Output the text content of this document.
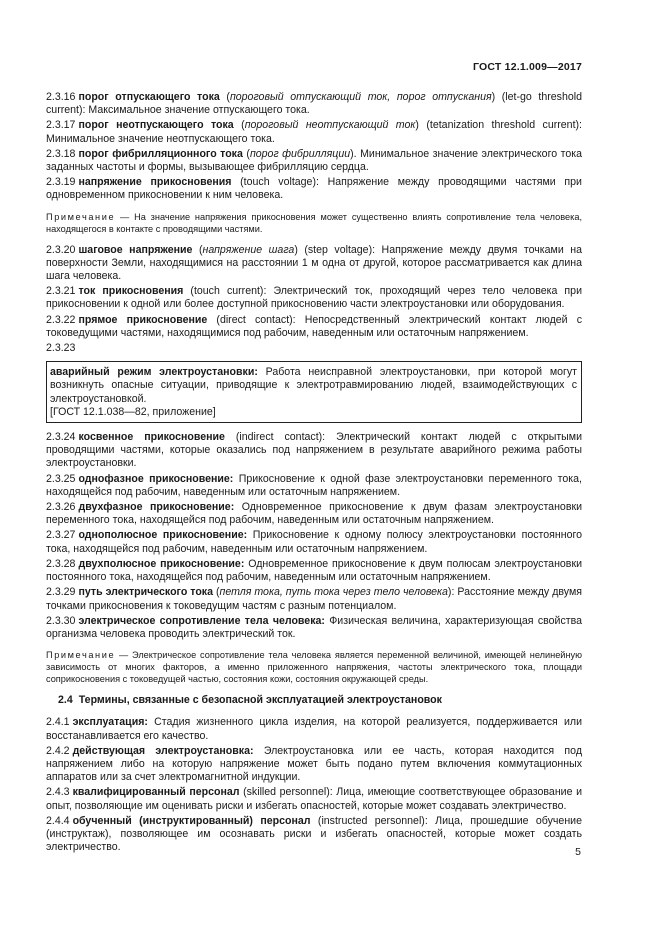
ГОСТ 12.1.009—2017

2.3.16 порог отпускающего тока (пороговый отпускающий ток, порог отпускания) (let-go threshold current): Максимальное значение отпускающего тока.

2.3.17 порог неотпускающего тока (пороговый неотпускающий ток) (tetanization threshold current): Минимальное значение неотпускающего тока.

2.3.18 порог фибрилляционного тока (порог фибрилляции). Минимальное значение электрического тока заданных частоты и формы, вызывающее фибрилляцию сердца.

2.3.19 напряжение прикосновения (touch voltage): Напряжение между проводящими частями при одновременном прикосновении к ним человека.

Примечание — На значение напряжения прикосновения может существенно влиять сопротивление тела человека, находящегося в контакте с проводящими частями.

2.3.20 шаговое напряжение (напряжение шага) (step voltage): Напряжение между двумя точками на поверхности Земли, находящимися на расстоянии 1 м одна от другой, которое рассматривается как длина шага человека.

2.3.21 ток прикосновения (touch current): Электрический ток, проходящий через тело человека при прикосновении к одной или более доступной прикосновению части электроустановки или оборудования.

2.3.22 прямое прикосновение (direct contact): Непосредственный электрический контакт людей с токоведущими частями, находящимися под рабочим, наведенным или остаточным напряжением.

2.3.23

аварийный режим электроустановки: Работа неисправной электроустановки, при которой могут возникнуть опасные ситуации, приводящие к электротравмированию людей, взаимодействующих с электроустановкой.

[ГОСТ 12.1.038—82, приложение]

2.3.24 косвенное прикосновение (indirect contact): Электрический контакт людей с открытыми проводящими частями, которые оказались под напряжением в результате аварийного режима работы электроустановки.

2.3.25 однофазное прикосновение: Прикосновение к одной фазе электроустановки переменного тока, находящейся под рабочим, наведенным или остаточным напряжением.

2.3.26 двухфазное прикосновение: Одновременное прикосновение к двум фазам электроустановки переменного тока, находящейся под рабочим, наведенным или остаточным напряжением.

2.3.27 однополюсное прикосновение: Прикосновение к одному полюсу электроустановки постоянного тока, находящейся под рабочим, наведенным или остаточным напряжением.

2.3.28 двухполюсное прикосновение: Одновременное прикосновение к двум полюсам электроустановки постоянного тока, находящейся под рабочим, наведенным или остаточным напряжением.

2.3.29 путь электрического тока (петля тока, путь тока через тело человека): Расстояние между двумя точками прикосновения к токоведущим частям с разным потенциалом.

2.3.30 электрическое сопротивление тела человека: Физическая величина, характеризующая свойства организма человека проводить электрический ток.

Примечание — Электрическое сопротивление тела человека является переменной величиной, имеющей нелинейную зависимость от многих факторов, а именно приложенного напряжения, частоты электрического тока, площади соприкосновения с токоведущей частью, состояния кожи, состояния окружающей среды.

2.4 Термины, связанные с безопасной эксплуатацией электроустановок

2.4.1 эксплуатация: Стадия жизненного цикла изделия, на которой реализуется, поддерживается или восстанавливается его качество.

2.4.2 действующая электроустановка: Электроустановка или ее часть, которая находится под напряжением либо на которую напряжение может быть подано путем включения коммутационных аппаратов или за счет электромагнитной индукции.

2.4.3 квалифицированный персонал (skilled personnel): Лица, имеющие соответствующее образование и опыт, позволяющие им оценивать риски и избегать опасностей, которые может создавать электричество.

2.4.4 обученный (инструктированный) персонал (instructed personnel): Лица, прошедшие обучение (инструктаж), позволяющее им осознавать риски и избегать опасностей, которые может создать электричество.	5
